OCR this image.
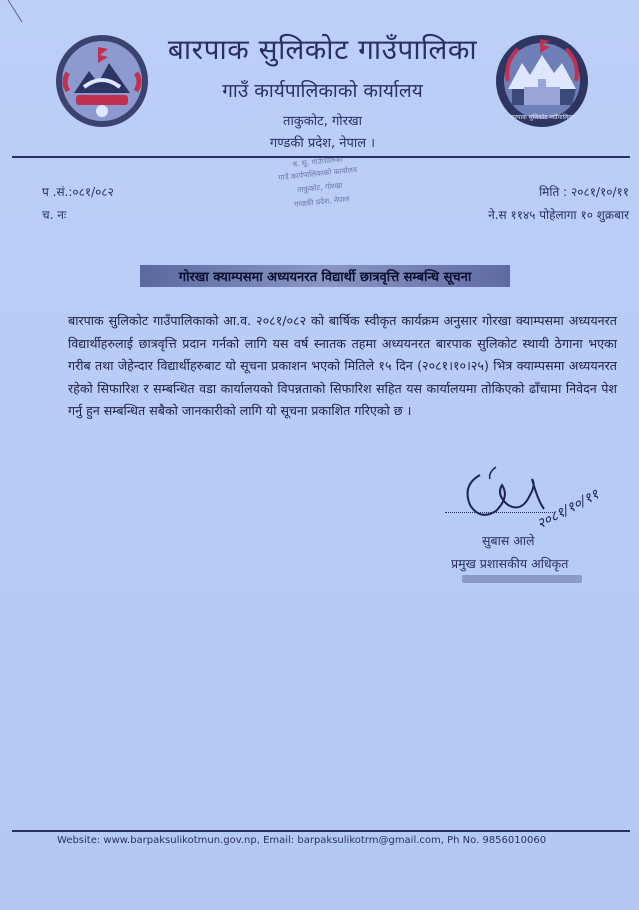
बारपाक सुलिकोट गाउँपालिका
बारपाक सुलिकोट गाउँपालिका
गाउँ कार्यपालिकाको कार्यालय
ताकुकोट, गोरखा
गण्डकी प्रदेश, नेपाल ।
ब. सु. गाउँपालिका
गाउँ कार्यपालिकाको कार्यालय
ताकुकोट, गोरखा
गण्डकी प्रदेश, नेपाल
प .सं.:०८१/०८२
च. नः
मिति : २०८१/१०/११
ने.स ११४५ पोहेलागा १० शुक्रबार
गोरखा क्याम्पसमा अध्ययनरत विद्यार्थी छात्रवृत्ति सम्बन्धि सूचना
बारपाक सुलिकोट गाउँपालिकाको आ.व. २०८१/०८२ को बार्षिक स्वीकृत कार्यक्रम अनुसार गोरखा क्याम्पसमा अध्ययनरत विद्यार्थीहरुलाई छात्रवृत्ति प्रदान गर्नको लागि यस वर्ष स्नातक तहमा अध्ययनरत बारपाक सुलिकोट स्थायी ठेगाना भएका गरीब तथा जेहेन्दार विद्यार्थीहरुबाट यो सूचना प्रकाशन भएको मितिले १५ दिन (२०८१।१०।२५) भित्र क्याम्पसमा अध्ययनरत रहेको सिफारिश र सम्बन्धित वडा कार्यालयको विपन्नताको सिफारिश सहित यस कार्यालयमा तोकिएको ढाँचामा निवेदन पेश गर्नु हुन सम्बन्धित सबैको जानकारीको लागि यो सूचना प्रकाशित गरिएको छ ।
२०८१/१०/११
सुबास आले
प्रमुख प्रशासकीय अधिकृत
Website: www.barpaksulikotmun.gov.np, Email: barpaksulikotrm@gmail.com, Ph No. 9856010060
